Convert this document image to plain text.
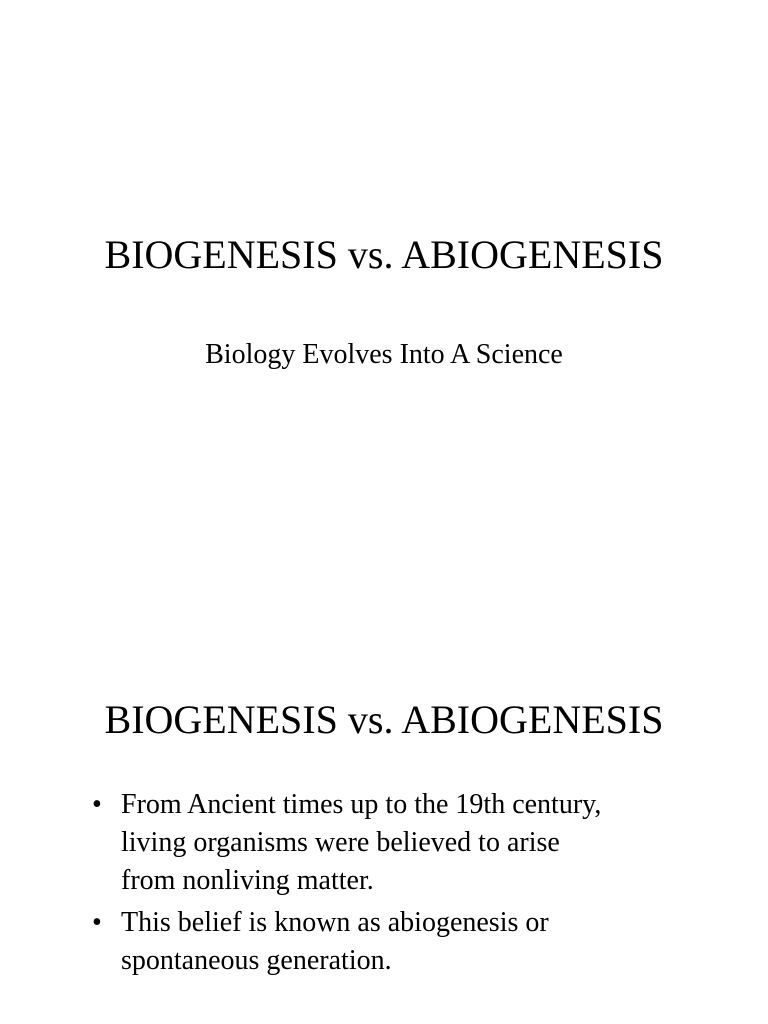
BIOGENESIS vs. ABIOGENESIS

Biology Evolves Into A Science

BIOGENESIS vs. ABIOGENESIS
• From Ancient times up to the 19th century,
living organisms were believed to arise
from nonliving matter.
• This belief is known as abiogenesis or
spontaneous generation.
